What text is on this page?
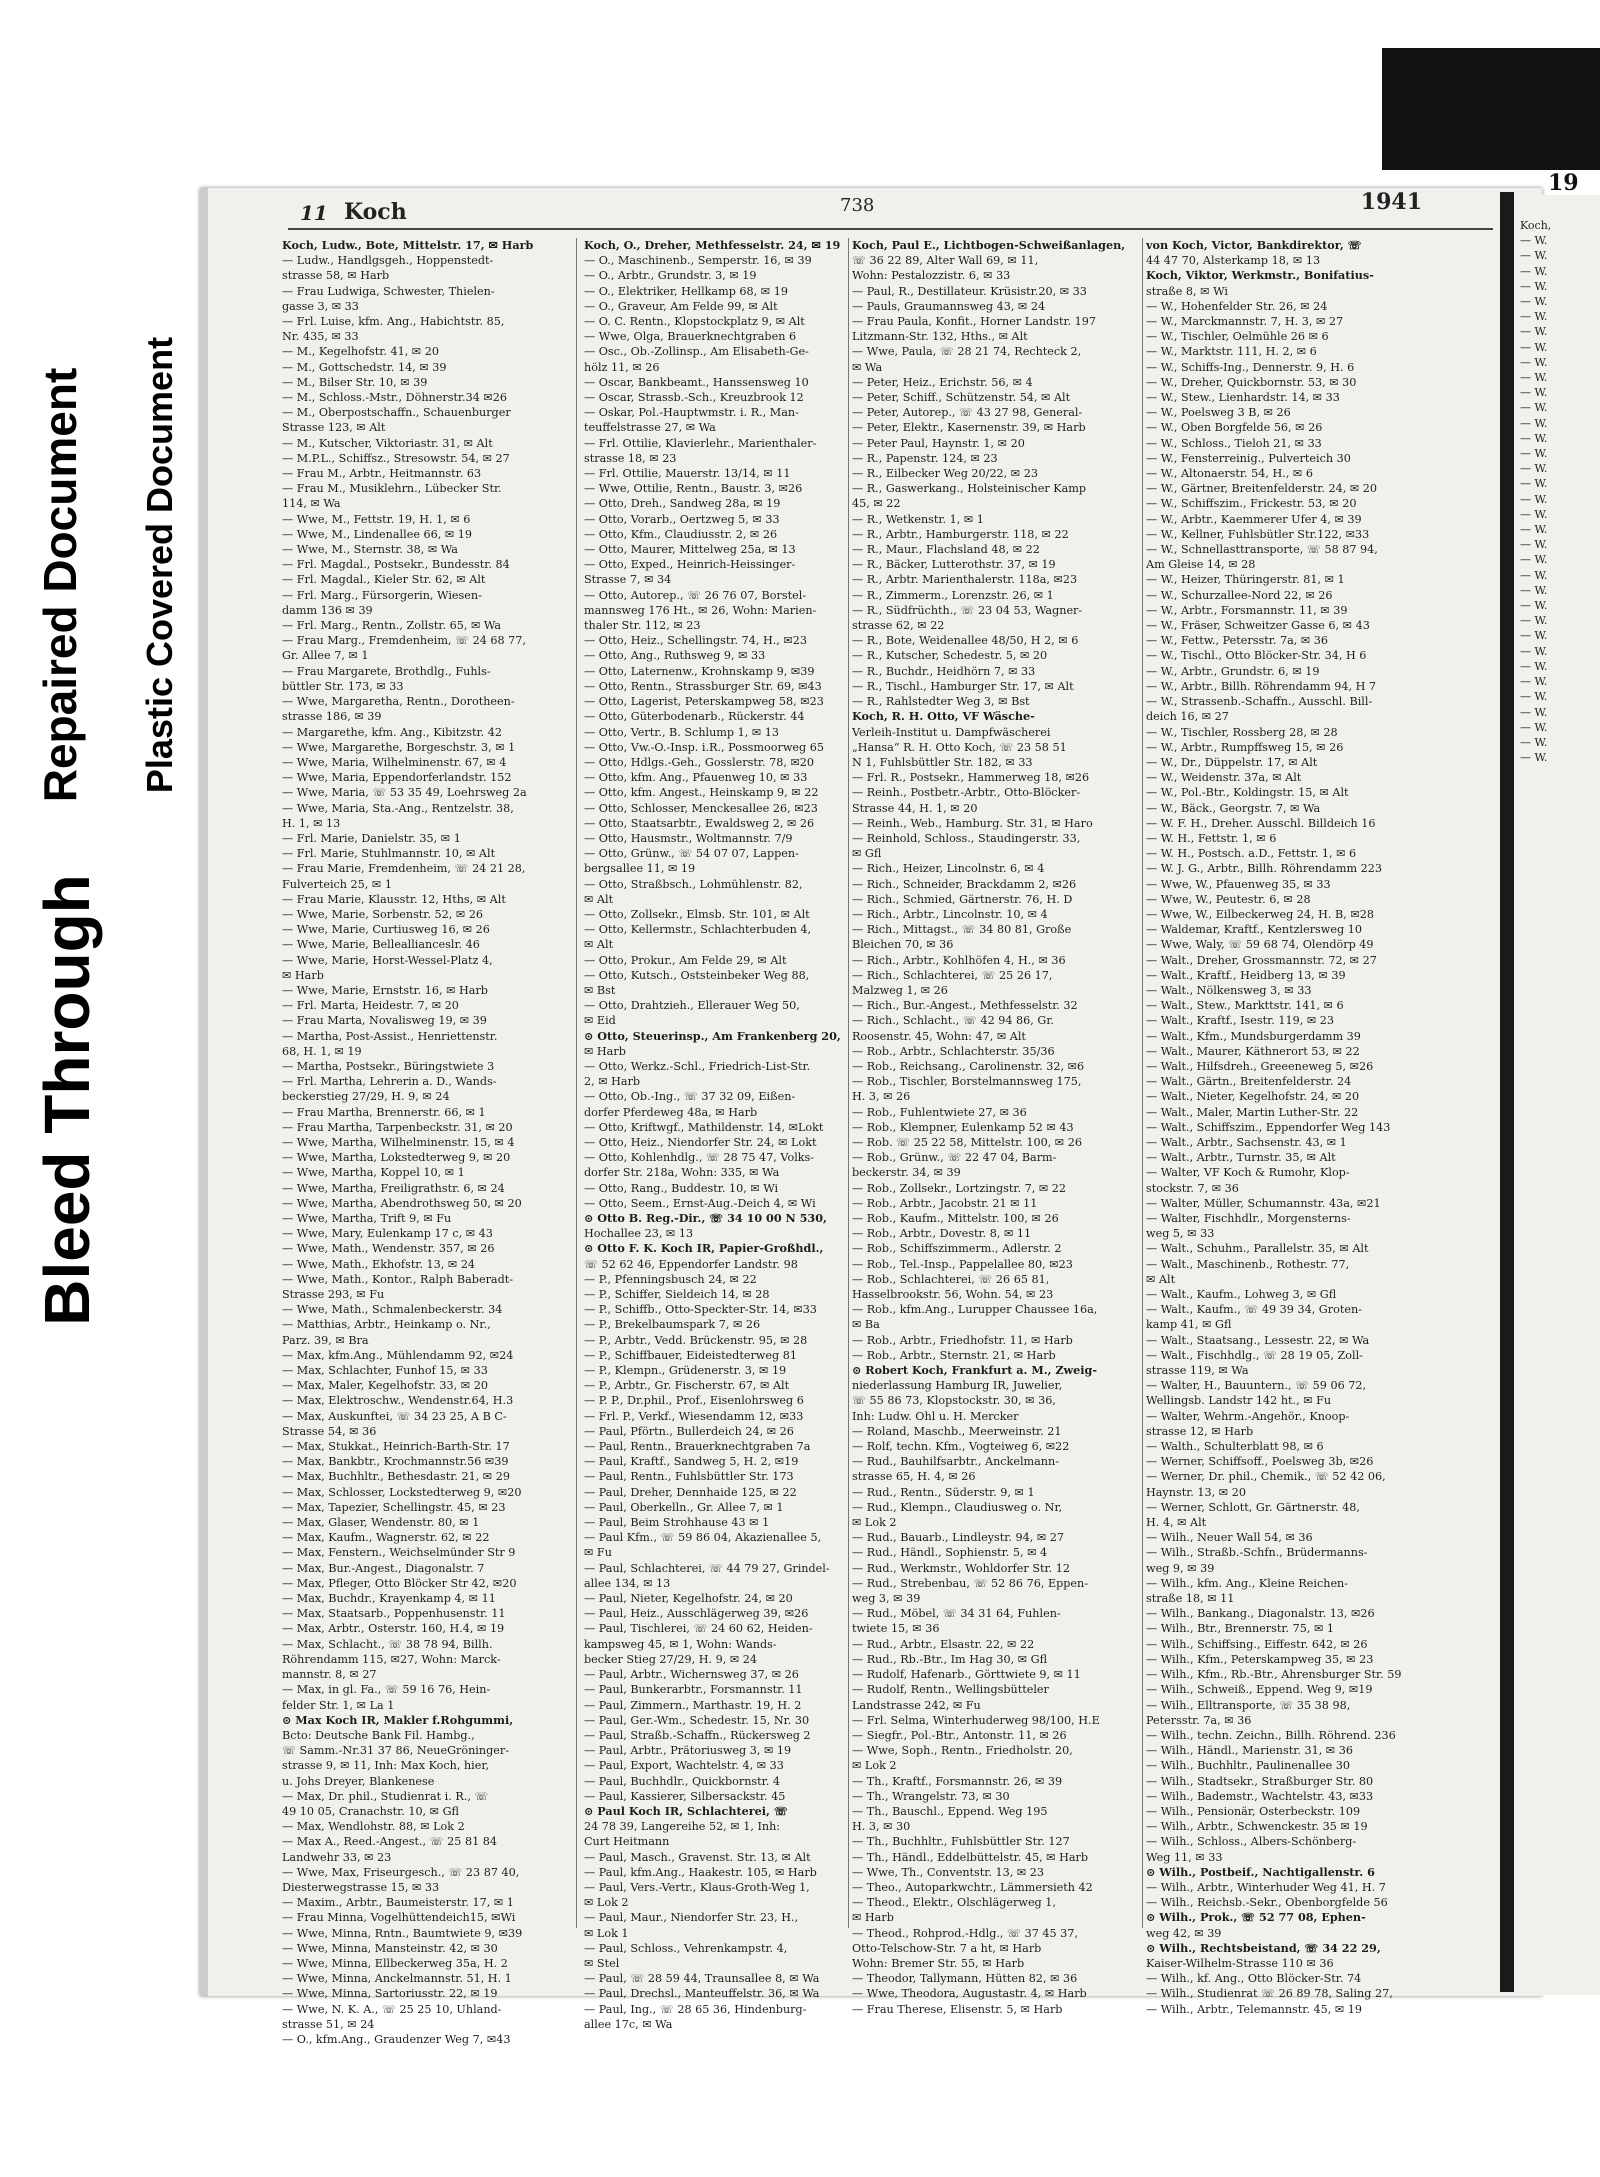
Bleed Through
Repaired Document Plastic Covered Document
19
Koch,
— W.
— W.
— W.
— W.
— W.
— W.
— W.
— W.
— W.
— W.
— W.
— W.
— W.
— W.
— W.
— W.
— W.
— W.
— W.
— W.
— W.
— W.
— W.
— W.
— W.
— W.
— W.
— W.
— W.
— W.
— W.
— W.
— W.
— W.
— W.
11 Koch	738	1941
Koch, Ludw., Bote, Mittelstr. 17, ✉ Harb
— Ludw., Handlgsgeh., Hoppenstedt-
strasse 58, ✉ Harb
— Frau Ludwiga, Schwester, Thielen-
gasse 3, ✉ 33
— Frl. Luise, kfm. Ang., Habichtstr. 85,
Nr. 435, ✉ 33
— M., Kegelhofstr. 41, ✉ 20
— M., Gottschedstr. 14, ✉ 39
— M., Bilser Str. 10, ✉ 39
— M., Schloss.-Mstr., Döhnerstr.34 ✉26
— M., Oberpostschaffn., Schauenburger
Strasse 123, ✉ Alt
— M., Kutscher, Viktoriastr. 31, ✉ Alt
— M.P.L., Schiffsz., Stresowstr. 54, ✉ 27
— Frau M., Arbtr., Heitmannstr. 63
— Frau M., Musiklehrn., Lübecker Str.
114, ✉ Wa
— Wwe, M., Fettstr. 19, H. 1, ✉ 6
— Wwe, M., Lindenallee 66, ✉ 19
— Wwe, M., Sternstr. 38, ✉ Wa
— Frl. Magdal., Postsekr., Bundesstr. 84
— Frl. Magdal., Kieler Str. 62, ✉ Alt
— Frl. Marg., Fürsorgerin, Wiesen-
damm 136 ✉ 39
— Frl. Marg., Rentn., Zollstr. 65, ✉ Wa
— Frau Marg., Fremdenheim, ☏ 24 68 77,
Gr. Allee 7, ✉ 1
— Frau Margarete, Brothdlg., Fuhls-
büttler Str. 173, ✉ 33
— Wwe, Margaretha, Rentn., Dorotheen-
strasse 186, ✉ 39
— Margarethe, kfm. Ang., Kibitzstr. 42
— Wwe, Margarethe, Borgeschstr. 3, ✉ 1
— Wwe, Maria, Wilhelminenstr. 67, ✉ 4
— Wwe, Maria, Eppendorferlandstr. 152
— Wwe, Maria, ☏ 53 35 49, Loehrsweg 2a
— Wwe, Maria, Sta.-Ang., Rentzelstr. 38,
H. 1, ✉ 13
— Frl. Marie, Danielstr. 35, ✉ 1
— Frl. Marie, Stuhlmannstr. 10, ✉ Alt
— Frau Marie, Fremdenheim, ☏ 24 21 28,
Fulverteich 25, ✉ 1
— Frau Marie, Klausstr. 12, Hths, ✉ Alt
— Wwe, Marie, Sorbenstr. 52, ✉ 26
— Wwe, Marie, Curtiusweg 16, ✉ 26
— Wwe, Marie, Belleallianceslr. 46
— Wwe, Marie, Horst-Wessel-Platz 4,
✉ Harb
— Wwe, Marie, Ernststr. 16, ✉ Harb
— Frl. Marta, Heidestr. 7, ✉ 20
— Frau Marta, Novalisweg 19, ✉ 39
— Martha, Post-Assist., Henriettenstr.
68, H. 1, ✉ 19
— Martha, Postsekr., Büringstwiete 3
— Frl. Martha, Lehrerin a. D., Wands-
beckerstieg 27/29, H. 9, ✉ 24
— Frau Martha, Brennerstr. 66, ✉ 1
— Frau Martha, Tarpenbeckstr. 31, ✉ 20
— Wwe, Martha, Wilhelminenstr. 15, ✉ 4
— Wwe, Martha, Lokstedterweg 9, ✉ 20
— Wwe, Martha, Koppel 10, ✉ 1
— Wwe, Martha, Freiligrathstr. 6, ✉ 24
— Wwe, Martha, Abendrothsweg 50, ✉ 20
— Wwe, Martha, Trift 9, ✉ Fu
— Wwe, Mary, Eulenkamp 17 c, ✉ 43
— Wwe, Math., Wendenstr. 357, ✉ 26
— Wwe, Math., Ekhofstr. 13, ✉ 24
— Wwe, Math., Kontor., Ralph Baberadt-
Strasse 293, ✉ Fu
— Wwe, Math., Schmalenbeckerstr. 34
— Matthias, Arbtr., Heinkamp o. Nr.,
Parz. 39, ✉ Bra
— Max, kfm.Ang., Mühlendamm 92, ✉24
— Max, Schlachter, Funhof 15, ✉ 33
— Max, Maler, Kegelhofstr. 33, ✉ 20
— Max, Elektroschw., Wendenstr.64, H.3
— Max, Auskunftei, ☏ 34 23 25, A B C-
Strasse 54, ✉ 36
— Max, Stukkat., Heinrich-Barth-Str. 17
— Max, Bankbtr., Krochmannstr.56 ✉39
— Max, Buchhltr., Bethesdastr. 21, ✉ 29
— Max, Schlosser, Lockstedterweg 9, ✉20
— Max, Tapezier, Schellingstr. 45, ✉ 23
— Max, Glaser, Wendenstr. 80, ✉ 1
— Max, Kaufm., Wagnerstr. 62, ✉ 22
— Max, Fenstern., Weichselmünder Str 9
— Max, Bur.-Angest., Diagonalstr. 7
— Max, Pfleger, Otto Blöcker Str 42, ✉20
— Max, Buchdr., Krayenkamp 4, ✉ 11
— Max, Staatsarb., Poppenhusenstr. 11
— Max, Arbtr., Osterstr. 160, H.4, ✉ 19
— Max, Schlacht., ☏ 38 78 94, Billh.
Röhrendamm 115, ✉27, Wohn: Marck-
mannstr. 8, ✉ 27
— Max, in gl. Fa., ☏ 59 16 76, Hein-
felder Str. 1, ✉ La 1
⊙ Max Koch IR, Makler f.Rohgummi,
Bcto: Deutsche Bank Fil. Hambg.,
☏ Samm.-Nr.31 37 86, NeueGröninger-
strasse 9, ✉ 11, Inh: Max Koch, hier,
u. Johs Dreyer, Blankenese
— Max, Dr. phil., Studienrat i. R., ☏
49 10 05, Cranachstr. 10, ✉ Gfl
— Max, Wendlohstr. 88, ✉ Lok 2
— Max A., Reed.-Angest., ☏ 25 81 84
Landwehr 33, ✉ 23
— Wwe, Max, Friseurgesch., ☏ 23 87 40,
Diesterwegstrasse 15, ✉ 33
— Maxim., Arbtr., Baumeisterstr. 17, ✉ 1
— Frau Minna, Vogelhüttendeich15, ✉Wi
— Wwe, Minna, Rntn., Baumtwiete 9, ✉39
— Wwe, Minna, Mansteinstr. 42, ✉ 30
— Wwe, Minna, Ellbeckerweg 35a, H. 2
— Wwe, Minna, Anckelmannstr. 51, H. 1
— Wwe, Minna, Sartoriusstr. 22, ✉ 19
— Wwe, N. K. A., ☏ 25 25 10, Uhland-
strasse 51, ✉ 24
— O., kfm.Ang., Graudenzer Weg 7, ✉43
Koch, O., Dreher, Methfesselstr. 24, ✉ 19
— O., Maschinenb., Semperstr. 16, ✉ 39
— O., Arbtr., Grundstr. 3, ✉ 19
— O., Elektriker, Hellkamp 68, ✉ 19
— O., Graveur, Am Felde 99, ✉ Alt
— O. C. Rentn., Klopstockplatz 9, ✉ Alt
— Wwe, Olga, Brauerknechtgraben 6
— Osc., Ob.-Zollinsp., Am Elisabeth-Ge-
hölz 11, ✉ 26
— Oscar, Bankbeamt., Hanssensweg 10
— Oscar, Strassb.-Sch., Kreuzbrook 12
— Oskar, Pol.-Hauptwmstr. i. R., Man-
teuffelstrasse 27, ✉ Wa
— Frl. Ottilie, Klavierlehr., Marienthaler-
strasse 18, ✉ 23
— Frl. Ottilie, Mauerstr. 13/14, ✉ 11
— Wwe, Ottilie, Rentn., Baustr. 3, ✉26
— Otto, Dreh., Sandweg 28a, ✉ 19
— Otto, Vorarb., Oertzweg 5, ✉ 33
— Otto, Kfm., Claudiusstr. 2, ✉ 26
— Otto, Maurer, Mittelweg 25a, ✉ 13
— Otto, Exped., Heinrich-Heissinger-
Strasse 7, ✉ 34
— Otto, Autorep., ☏ 26 76 07, Borstel-
mannsweg 176 Ht., ✉ 26, Wohn: Marien-
thaler Str. 112, ✉ 23
— Otto, Heiz., Schellingstr. 74, H., ✉23
— Otto, Ang., Ruthsweg 9, ✉ 33
— Otto, Laternenw., Krohnskamp 9, ✉39
— Otto, Rentn., Strassburger Str. 69, ✉43
— Otto, Lagerist, Peterskampweg 58, ✉23
— Otto, Güterbodenarb., Rückerstr. 44
— Otto, Vertr., B. Schlump 1, ✉ 13
— Otto, Vw.-O.-Insp. i.R., Possmoorweg 65
— Otto, Hdlgs.-Geh., Gosslerstr. 78, ✉20
— Otto, kfm. Ang., Pfauenweg 10, ✉ 33
— Otto, kfm. Angest., Heinskamp 9, ✉ 22
— Otto, Schlosser, Menckesallee 26, ✉23
— Otto, Staatsarbtr., Ewaldsweg 2, ✉ 26
— Otto, Hausmstr., Woltmannstr. 7/9
— Otto, Grünw., ☏ 54 07 07, Lappen-
bergsallee 11, ✉ 19
— Otto, Straßbsch., Lohmühlenstr. 82,
✉ Alt
— Otto, Zollsekr., Elmsb. Str. 101, ✉ Alt
— Otto, Kellermstr., Schlachterbuden 4,
✉ Alt
— Otto, Prokur., Am Felde 29, ✉ Alt
— Otto, Kutsch., Oststeinbeker Weg 88,
✉ Bst
— Otto, Drahtzieh., Ellerauer Weg 50,
✉ Eid
⊙ Otto, Steuerinsp., Am Frankenberg 20,
✉ Harb
— Otto, Werkz.-Schl., Friedrich-List-Str.
2, ✉ Harb
— Otto, Ob.-Ing., ☏ 37 32 09, Eißen-
dorfer Pferdeweg 48a, ✉ Harb
— Otto, Kriftwgf., Mathildenstr. 14, ✉Lokt
— Otto, Heiz., Niendorfer Str. 24, ✉ Lokt
— Otto, Kohlenhdlg., ☏ 28 75 47, Volks-
dorfer Str. 218a, Wohn: 335, ✉ Wa
— Otto, Rang., Buddestr. 10, ✉ Wi
— Otto, Seem., Ernst-Aug.-Deich 4, ✉ Wi
⊙ Otto B. Reg.-Dir., ☏ 34 10 00 N 530,
Hochallee 23, ✉ 13
⊙ Otto F. K. Koch IR, Papier-Großhdl.,
☏ 52 62 46, Eppendorfer Landstr. 98
— P., Pfenningsbusch 24, ✉ 22
— P., Schiffer, Sieldeich 14, ✉ 28
— P., Schiffb., Otto-Speckter-Str. 14, ✉33
— P., Brekelbaumspark 7, ✉ 26
— P., Arbtr., Vedd. Brückenstr. 95, ✉ 28
— P., Schiffbauer, Eideistedterweg 81
— P., Klempn., Grüdenerstr. 3, ✉ 19
— P., Arbtr., Gr. Fischerstr. 67, ✉ Alt
— P. P., Dr.phil., Prof., Eisenlohrsweg 6
— Frl. P., Verkf., Wiesendamm 12, ✉33
— Paul, Pförtn., Bullerdeich 24, ✉ 26
— Paul, Rentn., Brauerknechtgraben 7a
— Paul, Kraftf., Sandweg 5, H. 2, ✉19
— Paul, Rentn., Fuhlsbüttler Str. 173
— Paul, Dreher, Dennhaide 125, ✉ 22
— Paul, Oberkelln., Gr. Allee 7, ✉ 1
— Paul, Beim Strohhause 43 ✉ 1
— Paul Kfm., ☏ 59 86 04, Akazienallee 5,
✉ Fu
— Paul, Schlachterei, ☏ 44 79 27, Grindel-
allee 134, ✉ 13
— Paul, Nieter, Kegelhofstr. 24, ✉ 20
— Paul, Heiz., Ausschlägerweg 39, ✉26
— Paul, Tischlerei, ☏ 24 60 62, Heiden-
kampsweg 45, ✉ 1, Wohn: Wands-
becker Stieg 27/29, H. 9, ✉ 24
— Paul, Arbtr., Wichernsweg 37, ✉ 26
— Paul, Bunkerarbtr., Forsmannstr. 11
— Paul, Zimmern., Marthastr. 19, H. 2
— Paul, Ger.-Wm., Schedestr. 15, Nr. 30
— Paul, Straßb.-Schaffn., Rückersweg 2
— Paul, Arbtr., Prätoriusweg 3, ✉ 19
— Paul, Export, Wachtelstr. 4, ✉ 33
— Paul, Buchhdlr., Quickbornstr. 4
— Paul, Kassierer, Silbersackstr. 45
⊙ Paul Koch IR, Schlachterei, ☏
24 78 39, Langereihe 52, ✉ 1, Inh:
Curt Heitmann
— Paul, Masch., Gravenst. Str. 13, ✉ Alt
— Paul, kfm.Ang., Haakestr. 105, ✉ Harb
— Paul, Vers.-Vertr., Klaus-Groth-Weg 1,
✉ Lok 2
— Paul, Maur., Niendorfer Str. 23, H.,
✉ Lok 1
— Paul, Schloss., Vehrenkampstr. 4,
✉ Stel
— Paul, ☏ 28 59 44, Traunsallee 8, ✉ Wa
— Paul, Drechsl., Manteuffelstr. 36, ✉ Wa
— Paul, Ing., ☏ 28 65 36, Hindenburg-
allee 17c, ✉ Wa
Koch, Paul E., Lichtbogen-Schweißanlagen,
☏ 36 22 89, Alter Wall 69, ✉ 11,
Wohn: Pestalozzistr. 6, ✉ 33
— Paul, R., Destillateur. Krüsistr.20, ✉ 33
— Pauls, Graumannsweg 43, ✉ 24
— Frau Paula, Konfit., Horner Landstr. 197
Litzmann-Str. 132, Hths., ✉ Alt
— Wwe, Paula, ☏ 28 21 74, Rechteck 2,
✉ Wa
— Peter, Heiz., Erichstr. 56, ✉ 4
— Peter, Schiff., Schützenstr. 54, ✉ Alt
— Peter, Autorep., ☏ 43 27 98, General-
— Peter, Elektr., Kasernenstr. 39, ✉ Harb
— Peter Paul, Haynstr. 1, ✉ 20
— R., Papenstr. 124, ✉ 23
— R., Eilbecker Weg 20/22, ✉ 23
— R., Gaswerkang., Holsteinischer Kamp
45, ✉ 22
— R., Wetkenstr. 1, ✉ 1
— R., Arbtr., Hamburgerstr. 118, ✉ 22
— R., Maur., Flachsland 48, ✉ 22
— R., Bäcker, Lutterothstr. 37, ✉ 19
— R., Arbtr. Marienthalerstr. 118a, ✉23
— R., Zimmerm., Lorenzstr. 26, ✉ 1
— R., Südfrüchth., ☏ 23 04 53, Wagner-
strasse 62, ✉ 22
— R., Bote, Weidenallee 48/50, H 2, ✉ 6
— R., Kutscher, Schedestr. 5, ✉ 20
— R., Buchdr., Heidhörn 7, ✉ 33
— R., Tischl., Hamburger Str. 17, ✉ Alt
— R., Rahlstedter Weg 3, ✉ Bst
Koch, R. H. Otto, VF Wäsche-
Verleih-Institut u. Dampfwäscherei
„Hansa“ R. H. Otto Koch, ☏ 23 58 51
N 1, Fuhlsbüttler Str. 182, ✉ 33
— Frl. R., Postsekr., Hammerweg 18, ✉26
— Reinh., Postbetr.-Arbtr., Otto-Blöcker-
Strasse 44, H. 1, ✉ 20
— Reinh., Web., Hamburg. Str. 31, ✉ Haro
— Reinhold, Schloss., Staudingerstr. 33,
✉ Gfl
— Rich., Heizer, Lincolnstr. 6, ✉ 4
— Rich., Schneider, Brackdamm 2, ✉26
— Rich., Schmied, Gärtnerstr. 76, H. D
— Rich., Arbtr., Lincolnstr. 10, ✉ 4
— Rich., Mittagst., ☏ 34 80 81, Große
Bleichen 70, ✉ 36
— Rich., Arbtr., Kohlhöfen 4, H., ✉ 36
— Rich., Schlachterei, ☏ 25 26 17,
Malzweg 1, ✉ 26
— Rich., Bur.-Angest., Methfesselstr. 32
— Rich., Schlacht., ☏ 42 94 86, Gr.
Roosenstr. 45, Wohn: 47, ✉ Alt
— Rob., Arbtr., Schlachterstr. 35/36
— Rob., Reichsang., Carolinenstr. 32, ✉6
— Rob., Tischler, Borstelmannsweg 175,
H. 3, ✉ 26
— Rob., Fuhlentwiete 27, ✉ 36
— Rob., Klempner, Eulenkamp 52 ✉ 43
— Rob. ☏ 25 22 58, Mittelstr. 100, ✉ 26
— Rob., Grünw., ☏ 22 47 04, Barm-
beckerstr. 34, ✉ 39
— Rob., Zollsekr., Lortzingstr. 7, ✉ 22
— Rob., Arbtr., Jacobstr. 21 ✉ 11
— Rob., Kaufm., Mittelstr. 100, ✉ 26
— Rob., Arbtr., Dovestr. 8, ✉ 11
— Rob., Schiffszimmerm., Adlerstr. 2
— Rob., Tel.-Insp., Pappelallee 80, ✉23
— Rob., Schlachterei, ☏ 26 65 81,
Hasselbrookstr. 56, Wohn. 54, ✉ 23
— Rob., kfm.Ang., Lurupper Chaussee 16a,
✉ Ba
— Rob., Arbtr., Friedhofstr. 11, ✉ Harb
— Rob., Arbtr., Sternstr. 21, ✉ Harb
⊙ Robert Koch, Frankfurt a. M., Zweig-
niederlassung Hamburg IR, Juwelier,
☏ 55 86 73, Klopstockstr. 30, ✉ 36,
Inh: Ludw. Ohl u. H. Mercker
— Roland, Maschb., Meerweinstr. 21
— Rolf, techn. Kfm., Vogteiweg 6, ✉22
— Rud., Bauhilfsarbtr., Anckelmann-
strasse 65, H. 4, ✉ 26
— Rud., Rentn., Süderstr. 9, ✉ 1
— Rud., Klempn., Claudiusweg o. Nr,
✉ Lok 2
— Rud., Bauarb., Lindleystr. 94, ✉ 27
— Rud., Händl., Sophienstr. 5, ✉ 4
— Rud., Werkmstr., Wohldorfer Str. 12
— Rud., Strebenbau, ☏ 52 86 76, Eppen-
weg 3, ✉ 39
— Rud., Möbel, ☏ 34 31 64, Fuhlen-
twiete 15, ✉ 36
— Rud., Arbtr., Elsastr. 22, ✉ 22
— Rud., Rb.-Btr., Im Hag 30, ✉ Gfl
— Rudolf, Hafenarb., Görttwiete 9, ✉ 11
— Rudolf, Rentn., Wellingsbütteler
Landstrasse 242, ✉ Fu
— Frl. Selma, Winterhuderweg 98/100, H.E
— Siegfr., Pol.-Btr., Antonstr. 11, ✉ 26
— Wwe, Soph., Rentn., Friedholstr. 20,
✉ Lok 2
— Th., Kraftf., Forsmannstr. 26, ✉ 39
— Th., Wrangelstr. 73, ✉ 30
— Th., Bauschl., Eppend. Weg 195
H. 3, ✉ 30
— Th., Buchhltr., Fuhlsbüttler Str. 127
— Th., Händl., Eddelbüttelstr. 45, ✉ Harb
— Wwe, Th., Conventstr. 13, ✉ 23
— Theo., Autoparkwchtr., Lämmersieth 42
— Theod., Elektr., Olschlägerweg 1,
✉ Harb
— Theod., Rohprod.-Hdlg., ☏ 37 45 37,
Otto-Telschow-Str. 7 a ht, ✉ Harb
Wohn: Bremer Str. 55, ✉ Harb
— Theodor, Tallymann, Hütten 82, ✉ 36
— Wwe, Theodora, Augustastr. 4, ✉ Harb
— Frau Therese, Elisenstr. 5, ✉ Harb
von Koch, Victor, Bankdirektor, ☏
44 47 70, Alsterkamp 18, ✉ 13
Koch, Viktor, Werkmstr., Bonifatius-
straße 8, ✉ Wi
— W., Hohenfelder Str. 26, ✉ 24
— W., Marckmannstr. 7, H. 3, ✉ 27
— W., Tischler, Oelmühle 26 ✉ 6
— W., Marktstr. 111, H. 2, ✉ 6
— W., Schiffs-Ing., Dennerstr. 9, H. 6
— W., Dreher, Quickbornstr. 53, ✉ 30
— W., Stew., Lienhardstr. 14, ✉ 33
— W., Poelsweg 3 B, ✉ 26
— W., Oben Borgfelde 56, ✉ 26
— W., Schloss., Tieloh 21, ✉ 33
— W., Fensterreinig., Pulverteich 30
— W., Altonaerstr. 54, H., ✉ 6
— W., Gärtner, Breitenfelderstr. 24, ✉ 20
— W., Schiffszim., Frickestr. 53, ✉ 20
— W., Arbtr., Kaemmerer Ufer 4, ✉ 39
— W., Kellner, Fuhlsbütler Str.122, ✉33
— W., Schnellasttransporte, ☏ 58 87 94,
Am Gleise 14, ✉ 28
— W., Heizer, Thüringerstr. 81, ✉ 1
— W., Schurzallee-Nord 22, ✉ 26
— W., Arbtr., Forsmannstr. 11, ✉ 39
— W., Fräser, Schweitzer Gasse 6, ✉ 43
— W., Fettw., Petersstr. 7a, ✉ 36
— W., Tischl., Otto Blöcker-Str. 34, H 6
— W., Arbtr., Grundstr. 6, ✉ 19
— W., Arbtr., Billh. Röhrendamm 94, H 7
— W., Strassenb.-Schaffn., Ausschl. Bill-
deich 16, ✉ 27
— W., Tischler, Rossberg 28, ✉ 28
— W., Arbtr., Rumpffsweg 15, ✉ 26
— W., Dr., Düppelstr. 17, ✉ Alt
— W., Weidenstr. 37a, ✉ Alt
— W., Pol.-Btr., Koldingstr. 15, ✉ Alt
— W., Bäck., Georgstr. 7, ✉ Wa
— W. F. H., Dreher. Ausschl. Billdeich 16
— W. H., Fettstr. 1, ✉ 6
— W. H., Postsch. a.D., Fettstr. 1, ✉ 6
— W. J. G., Arbtr., Billh. Röhrendamm 223
— Wwe, W., Pfauenweg 35, ✉ 33
— Wwe, W., Peutestr. 6, ✉ 28
— Wwe, W., Eilbeckerweg 24, H. B, ✉28
— Waldemar, Kraftf., Kentzlersweg 10
— Wwe, Waly, ☏ 59 68 74, Olendörp 49
— Walt., Dreher, Grossmannstr. 72, ✉ 27
— Walt., Kraftf., Heidberg 13, ✉ 39
— Walt., Nölkensweg 3, ✉ 33
— Walt., Stew., Markttstr. 141, ✉ 6
— Walt., Kraftf., Isestr. 119, ✉ 23
— Walt., Kfm., Mundsburgerdamm 39
— Walt., Maurer, Käthnerort 53, ✉ 22
— Walt., Hilfsdreh., Greeeneweg 5, ✉26
— Walt., Gärtn., Breitenfelderstr. 24
— Walt., Nieter, Kegelhofstr. 24, ✉ 20
— Walt., Maler, Martin Luther-Str. 22
— Walt., Schiffszim., Eppendorfer Weg 143
— Walt., Arbtr., Sachsenstr. 43, ✉ 1
— Walt., Arbtr., Turnstr. 35, ✉ Alt
— Walter, VF Koch & Rumohr, Klop-
stockstr. 7, ✉ 36
— Walter, Müller, Schumannstr. 43a, ✉21
— Walter, Fischhdlr., Morgensterns-
weg 5, ✉ 33
— Walt., Schuhm., Parallelstr. 35, ✉ Alt
— Walt., Maschinenb., Rothestr. 77,
✉ Alt
— Walt., Kaufm., Lohweg 3, ✉ Gfl
— Walt., Kaufm., ☏ 49 39 34, Groten-
kamp 41, ✉ Gfl
— Walt., Staatsang., Lessestr. 22, ✉ Wa
— Walt., Fischhdlg., ☏ 28 19 05, Zoll-
strasse 119, ✉ Wa
— Walter, H., Bauuntern., ☏ 59 06 72,
Wellingsb. Landstr 142 ht., ✉ Fu
— Walter, Wehrm.-Angehör., Knoop-
strasse 12, ✉ Harb
— Walth., Schulterblatt 98, ✉ 6
— Werner, Schiffsoff., Poelsweg 3b, ✉26
— Werner, Dr. phil., Chemik., ☏ 52 42 06,
Haynstr. 13, ✉ 20
— Werner, Schlott, Gr. Gärtnerstr. 48,
H. 4, ✉ Alt
— Wilh., Neuer Wall 54, ✉ 36
— Wilh., Straßb.-Schfn., Brüdermanns-
weg 9, ✉ 39
— Wilh., kfm. Ang., Kleine Reichen-
straße 18, ✉ 11
— Wilh., Bankang., Diagonalstr. 13, ✉26
— Wilh., Btr., Brennerstr. 75, ✉ 1
— Wilh., Schiffsing., Eiffestr. 642, ✉ 26
— Wilh., Kfm., Peterskampweg 35, ✉ 23
— Wilh., Kfm., Rb.-Btr., Ahrensburger Str. 59
— Wilh., Schweiß., Eppend. Weg 9, ✉19
— Wilh., Elltransporte, ☏ 35 38 98,
Petersstr. 7a, ✉ 36
— Wilh., techn. Zeichn., Billh. Röhrend. 236
— Wilh., Händl., Marienstr. 31, ✉ 36
— Wilh., Buchhltr., Paulinenallee 30
— Wilh., Stadtsekr., Straßburger Str. 80
— Wilh., Bademstr., Wachtelstr. 43, ✉33
— Wilh., Pensionär, Osterbeckstr. 109
— Wilh., Arbtr., Schwenckestr. 35 ✉ 19
— Wilh., Schloss., Albers-Schönberg-
Weg 11, ✉ 33
⊙ Wilh., Postbeif., Nachtigallenstr. 6
— Wilh., Arbtr., Winterhuder Weg 41, H. 7
— Wilh., Reichsb.-Sekr., Obenborgfelde 56
⊙ Wilh., Prok., ☏ 52 77 08, Ephen-
weg 42, ✉ 39
⊙ Wilh., Rechtsbeistand, ☏ 34 22 29,
Kaiser-Wilhelm-Strasse 110 ✉ 36
— Wilh., kf. Ang., Otto Blöcker-Str. 74
— Wilh., Studienrat ☏ 26 89 78, Saling 27,
— Wilh., Arbtr., Telemannstr. 45, ✉ 19
